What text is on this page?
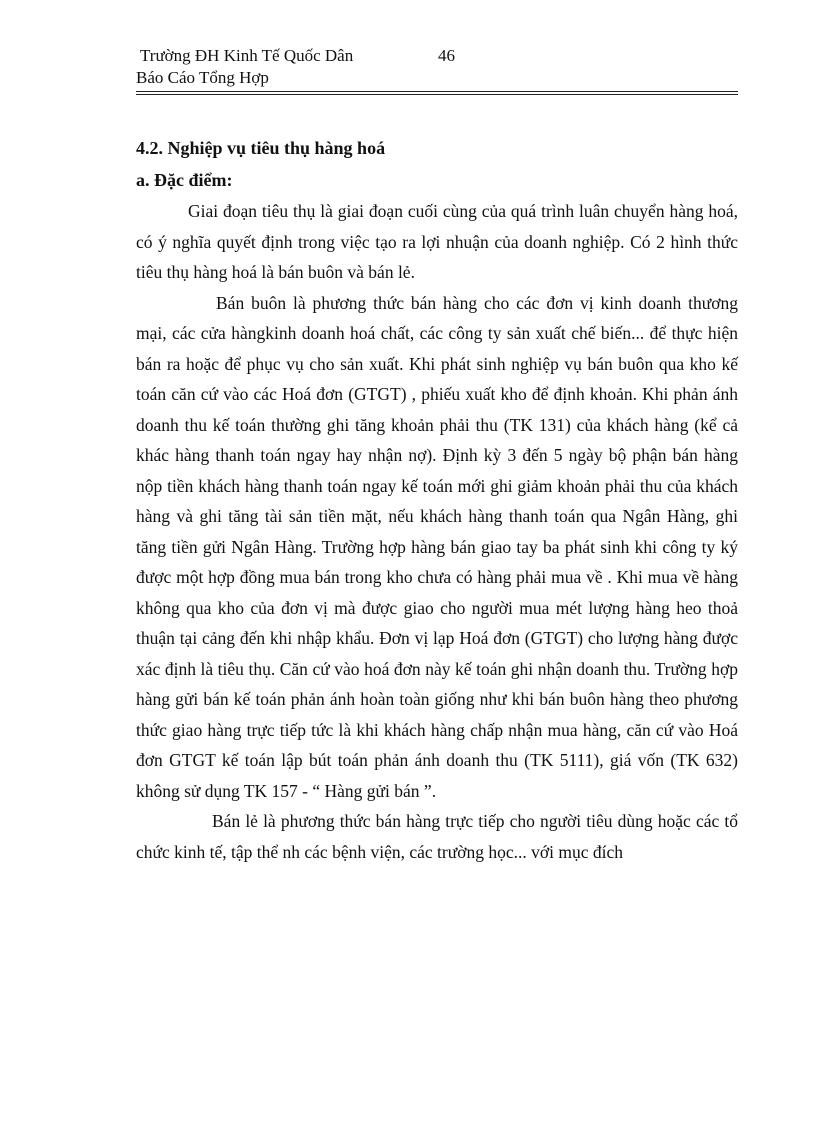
Trường ĐH Kinh Tế Quốc Dân	46
Báo Cáo Tổng Hợp

4.2. Nghiệp vụ tiêu thụ hàng hoá

a. Đặc điểm:

Giai đoạn tiêu thụ là giai đoạn cuối cùng của quá trình luân chuyển hàng hoá, có ý nghĩa quyết định trong việc tạo ra lợi nhuận của doanh nghiệp. Có 2 hình thức tiêu thụ hàng hoá là bán buôn và bán lẻ.

Bán buôn là phương thức bán hàng cho các đơn vị kinh doanh thương mại, các cửa hàngkinh doanh hoá chất, các công ty sản xuất chế biến... để thực hiện bán ra hoặc để phục vụ cho sản xuất. Khi phát sinh nghiệp vụ bán buôn qua kho kế toán căn cứ vào các Hoá đơn (GTGT) , phiếu xuất kho để định khoản. Khi phản ánh doanh thu kế toán thường ghi tăng khoản phải thu (TK 131) của khách hàng (kể cả khác hàng thanh toán ngay hay nhận nợ). Định kỳ 3 đến 5 ngày bộ phận bán hàng nộp tiền khách hàng thanh toán ngay kế toán mới ghi giảm khoản phải thu của khách hàng và ghi tăng tài sản tiền mặt, nếu khách hàng thanh toán qua Ngân Hàng, ghi tăng tiền gửi Ngân Hàng. Trường hợp hàng bán giao tay ba phát sinh khi công ty ký được một hợp đồng mua bán trong kho chưa có hàng phải mua về . Khi mua về hàng không qua kho của đơn vị mà được giao cho người mua mét lượng hàng heo thoả thuận tại cảng đến khi nhập khẩu. Đơn vị lạp Hoá đơn (GTGT) cho lượng hàng được xác định là tiêu thụ. Căn cứ vào hoá đơn này kế toán ghi nhận doanh thu. Trường hợp hàng gửi bán kế toán phản ánh hoàn toàn giống như khi bán buôn hàng theo phương thức giao hàng trực tiếp tức là khi khách hàng chấp nhận mua hàng, căn cứ vào Hoá đơn GTGT kế toán lập bút toán phản ánh doanh thu (TK 5111), giá vốn (TK 632) không sử dụng TK 157 - “ Hàng gửi bán ”.

Bán lẻ là phương thức bán hàng trực tiếp cho người tiêu dùng hoặc các tổ chức kinh tế, tập thể nh các bệnh viện, các trường học... với mục đích
